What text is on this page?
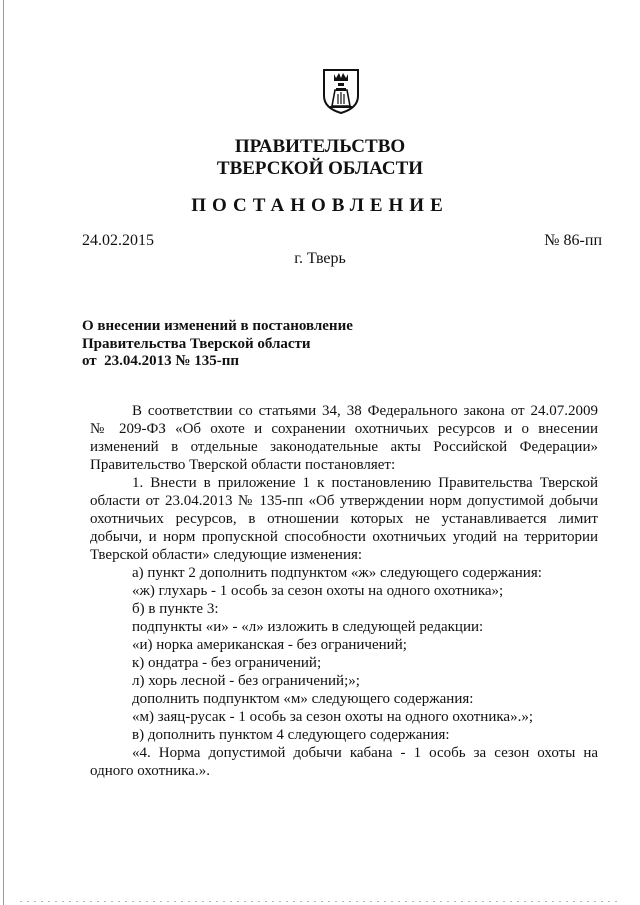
ПРАВИТЕЛЬСТВО
ТВЕРСКОЙ ОБЛАСТИ
ПОСТАНОВЛЕНИЕ
24.02.2015	№ 86-пп
г. Тверь
О внесении изменений в постановление
Правительства Тверской области
от  23.04.2013 № 135-пп
В соответствии со статьями 34, 38 Федерального закона от 24.07.2009
№ 209-ФЗ «Об охоте и сохранении охотничьих ресурсов и о внесении
изменений в отдельные законодательные акты Российской Федерации»
Правительство Тверской области постановляет:
1. Внести в приложение 1 к постановлению Правительства Тверской
области от 23.04.2013 № 135-пп «Об утверждении норм допустимой добычи
охотничьих ресурсов, в отношении которых не устанавливается лимит
добычи, и норм пропускной способности охотничьих угодий на территории
Тверской области» следующие изменения:
а) пункт 2 дополнить подпунктом «ж» следующего содержания:
«ж) глухарь - 1 особь за сезон охоты на одного охотника»;
б) в пункте 3:
подпункты «и» - «л» изложить в следующей редакции:
«и) норка американская - без ограничений;
к) ондатра - без ограничений;
л) хорь лесной - без ограничений;»;
дополнить подпунктом «м» следующего содержания:
«м) заяц-русак - 1 особь за сезон охоты на одного охотника».»;
в) дополнить пунктом 4 следующего содержания:
«4. Норма допустимой добычи кабана - 1 особь за сезон охоты на
одного охотника.».
